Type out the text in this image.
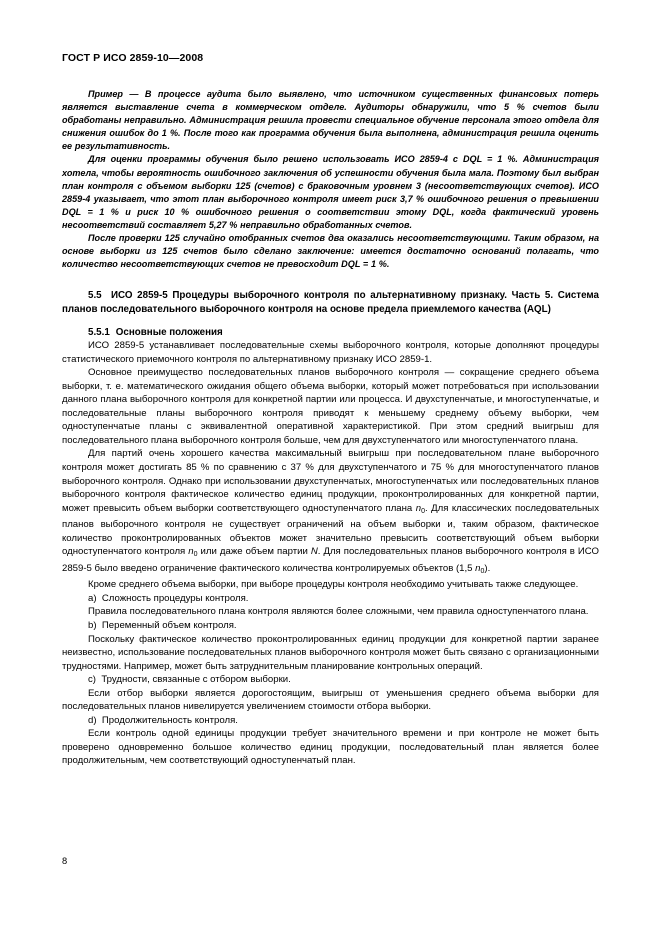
ГОСТ Р ИСО 2859-10—2008

Пример — В процессе аудита было выявлено, что источником существенных финансовых потерь является выставление счета в коммерческом отделе. Аудиторы обнаружили, что 5 % счетов были обработаны неправильно. Администрация решила провести специальное обучение персонала этого отдела для снижения ошибок до 1 %. После того как программа обучения была выполнена, администрация решила оценить ее результативность.

Для оценки программы обучения было решено использовать ИСО 2859-4 с DQL = 1 %. Администрация хотела, чтобы вероятность ошибочного заключения об успешности обучения была мала. Поэтому был выбран план контроля с объемом выборки 125 (счетов) с браковочным уровнем 3 (несоответствующих счетов). ИСО 2859-4 указывает, что этот план выборочного контроля имеет риск 3,7 % ошибочного решения о превышении DQL = 1 % и риск 10 % ошибочного решения о соответствии этому DQL, когда фактический уровень несоответствий составляет 5,27 % неправильно обработанных счетов.

После проверки 125 случайно отобранных счетов два оказались несоответствующими. Таким образом, на основе выборки из 125 счетов было сделано заключение: имеется достаточно оснований полагать, что количество несоответствующих счетов не превосходит DQL = 1 %.

5.5 ИСО 2859-5 Процедуры выборочного контроля по альтернативному признаку. Часть 5. Система планов последовательного выборочного контроля на основе предела приемлемого качества (AQL)

5.5.1 Основные положения

ИСО 2859-5 устанавливает последовательные схемы выборочного контроля, которые дополняют процедуры статистического приемочного контроля по альтернативному признаку ИСО 2859-1.

Основное преимущество последовательных планов выборочного контроля — сокращение среднего объема выборки, т. е. математического ожидания общего объема выборки, который может потребоваться при использовании данного плана выборочного контроля для конкретной партии или процесса. И двухступенчатые, и многоступенчатые, и последовательные планы выборочного контроля приводят к меньшему среднему объему выборки, чем одноступенчатые планы с эквивалентной оперативной характеристикой. При этом средний выигрыш для последовательного плана выборочного контроля больше, чем для двухступенчатого или многоступенчатого плана.

Для партий очень хорошего качества максимальный выигрыш при последовательном плане выборочного контроля может достигать 85 % по сравнению с 37 % для двухступенчатого и 75 % для многоступенчатого планов выборочного контроля. Однако при использовании двухступенчатых, многоступенчатых или последовательных планов выборочного контроля фактическое количество единиц продукции, проконтролированных для конкретной партии, может превысить объем выборки соответствующего одноступенчатого плана $n_0$. Для классических последовательных планов выборочного контроля не существует ограничений на объем выборки и, таким образом, фактическое количество проконтролированных объектов может значительно превысить соответствующий объем выборки одноступенчатого контроля $n_0$ или даже объем партии N. Для последовательных планов выборочного контроля в ИСО 2859-5 было введено ограничение фактического количества контролируемых объектов (1,5 $n_0$).

Кроме среднего объема выборки, при выборе процедуры контроля необходимо учитывать также следующее.

a) Сложность процедуры контроля.

Правила последовательного плана контроля являются более сложными, чем правила одноступенчатого плана.

b) Переменный объем контроля.

Поскольку фактическое количество проконтролированных единиц продукции для конкретной партии заранее неизвестно, использование последовательных планов выборочного контроля может быть связано с организационными трудностями. Например, может быть затруднительным планирование контрольных операций.

c) Трудности, связанные с отбором выборки.

Если отбор выборки является дорогостоящим, выигрыш от уменьшения среднего объема выборки для последовательных планов нивелируется увеличением стоимости отбора выборки.

d) Продолжительность контроля.

Если контроль одной единицы продукции требует значительного времени и при контроле не может быть проверено одновременно большое количество единиц продукции, последовательный план является более продолжительным, чем соответствующий одноступенчатый план.

8
